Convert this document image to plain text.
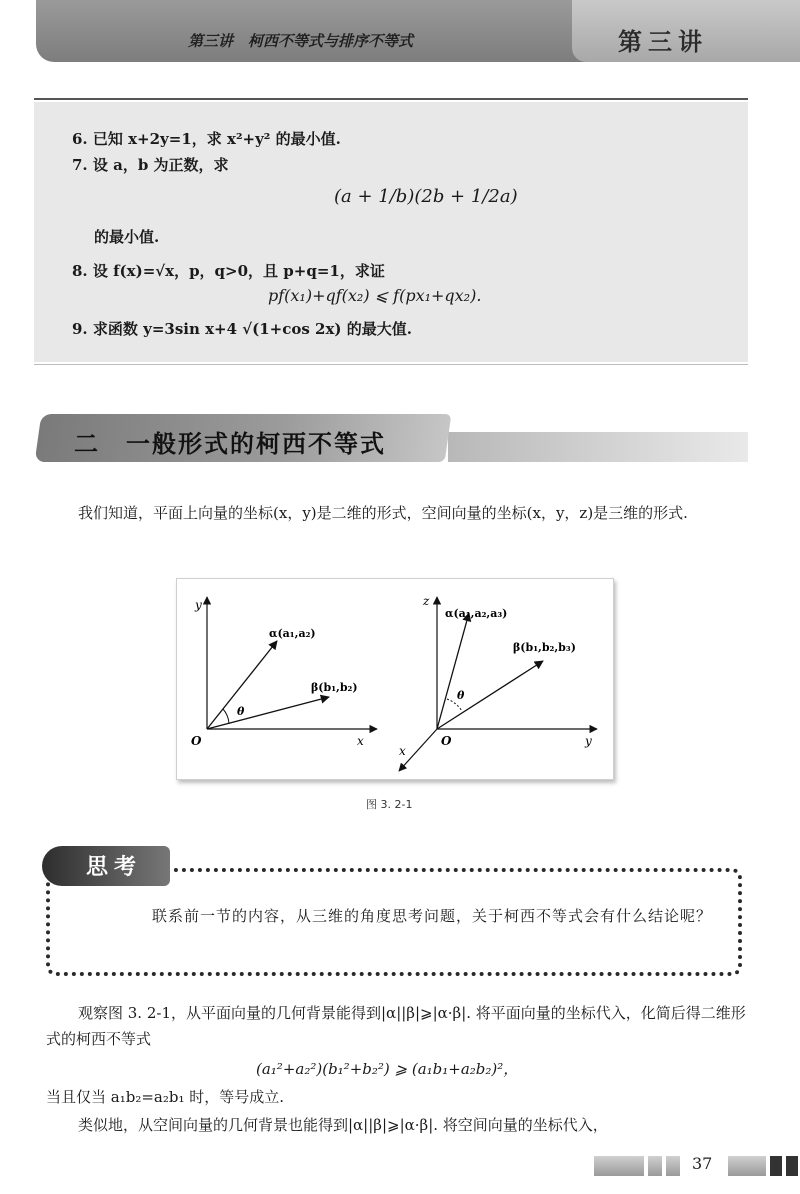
第三讲　柯西不等式与排序不等式	第三讲
6. 已知 x+2y=1，求 x²+y² 的最小值.
7. 设 a，b 为正数，求
(a + 1/b)(2b + 1/2a)
的最小值.
8. 设 f(x)=√x，p，q>0，且 p+q=1，求证
pf(x₁)+qf(x₂) ⩽ f(px₁+qx₂).
9. 求函数 y=3sin x+4 √(1+cos 2x) 的最大值.
二　一般形式的柯西不等式
我们知道，平面上向量的坐标(x，y)是二维的形式，空间向量的坐标(x，y，z)是三维的形式.
y
x
O
α(a₁,a₂)
β(b₁,b₂)
θ
z
y
x
O
α(a₁,a₂,a₃)
β(b₁,b₂,b₃)
θ
图 3. 2-1
思考
联系前一节的内容，从三维的角度思考问题，关于柯西不等式会有什么结论呢？
观察图 3. 2-1，从平面向量的几何背景能得到|α||β|⩾|α·β|. 将平面向量的坐标代入，化简后得二维形式的柯西不等式
(a₁²+a₂²)(b₁²+b₂²) ⩾ (a₁b₁+a₂b₂)²，
当且仅当 a₁b₂=a₂b₁ 时，等号成立.
类似地，从空间向量的几何背景也能得到|α||β|⩾|α·β|. 将空间向量的坐标代入，
37
